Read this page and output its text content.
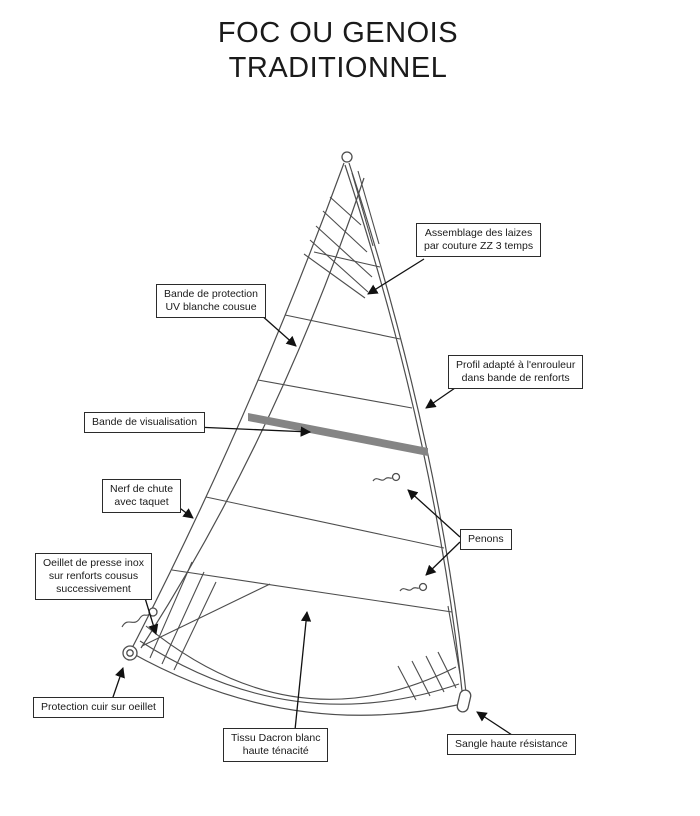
FOC OU GENOIS
TRADITIONNEL
Assemblage des laizes
par couture ZZ 3 temps
Bande de protection
UV blanche cousue
Profil adapté à l'enrouleur
dans bande de renforts
Bande de visualisation
Nerf de chute
avec taquet
Penons
Oeillet de presse inox
sur renforts cousus
successivement
Protection cuir sur oeillet
Tissu Dacron blanc
haute ténacité
Sangle haute résistance
